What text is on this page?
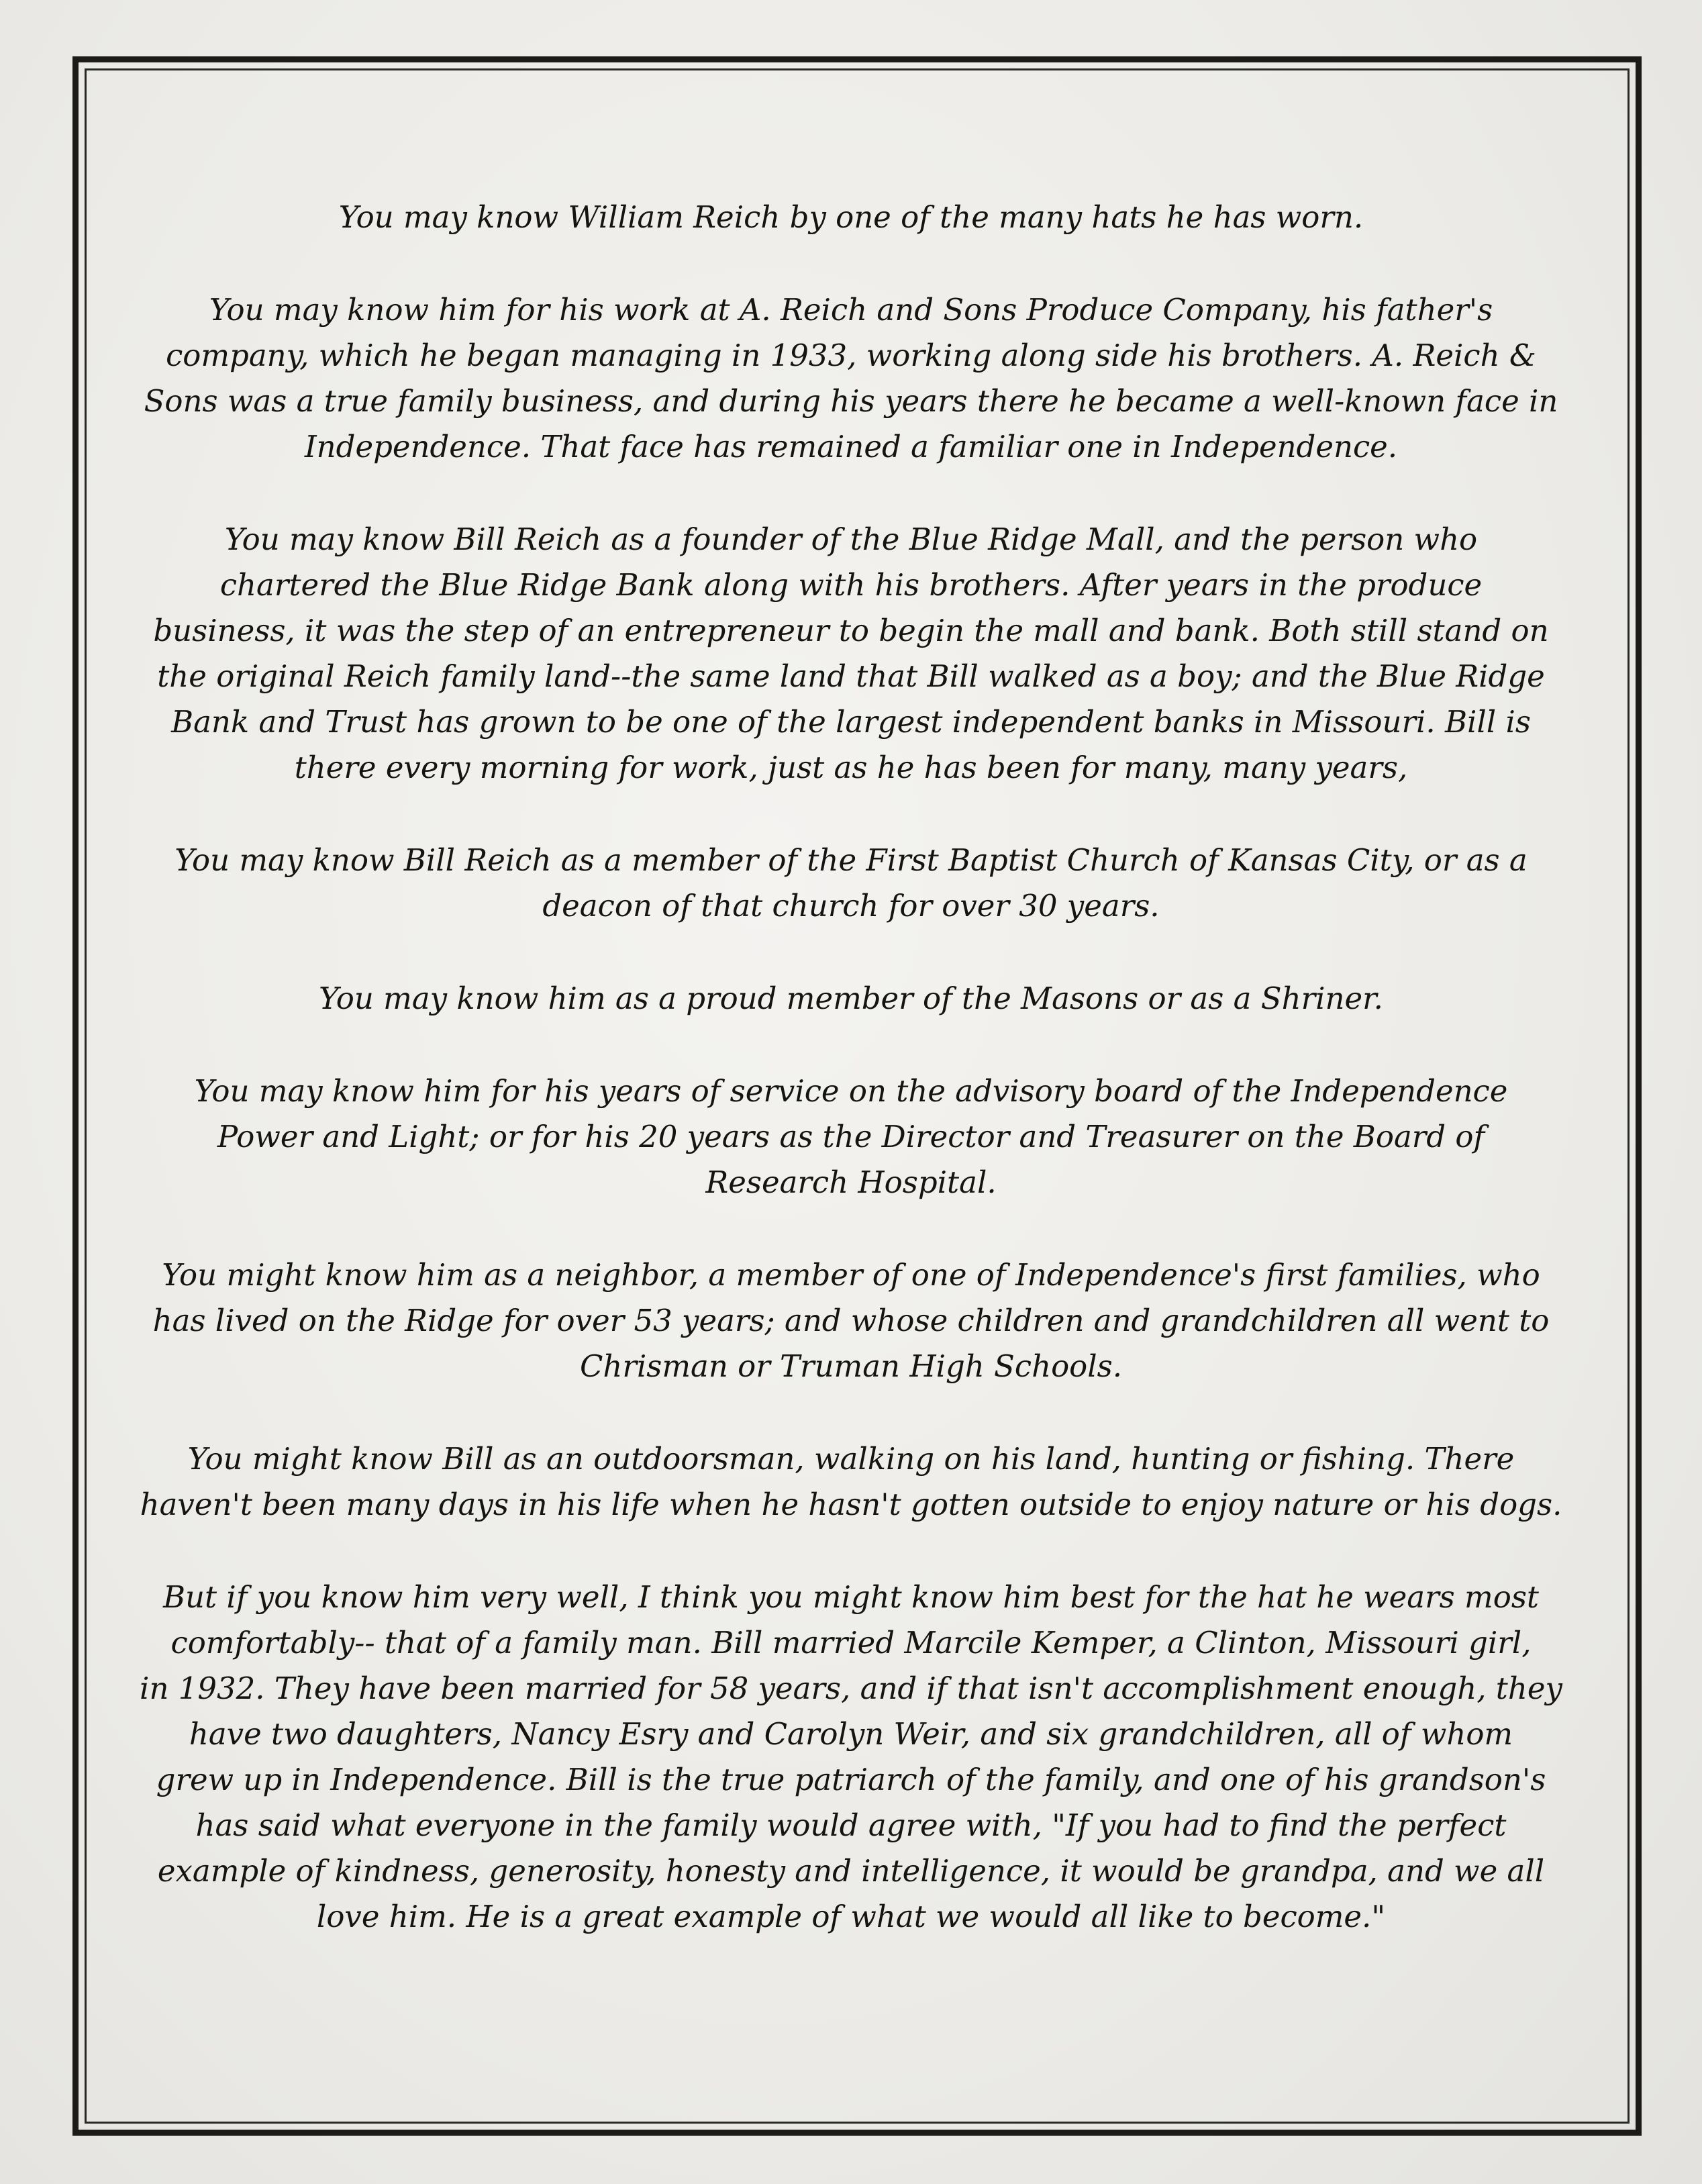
You may know William Reich by one of the many hats he has worn.

You may know him for his work at A. Reich and Sons Produce Company, his father's
company, which he began managing in 1933, working along side his brothers. A. Reich &
Sons was a true family business, and during his years there he became a well-known face in
Independence. That face has remained a familiar one in Independence.

You may know Bill Reich as a founder of the Blue Ridge Mall, and the person who
chartered the Blue Ridge Bank along with his brothers. After years in the produce
business, it was the step of an entrepreneur to begin the mall and bank. Both still stand on
the original Reich family land--the same land that Bill walked as a boy; and the Blue Ridge
Bank and Trust has grown to be one of the largest independent banks in Missouri. Bill is
there every morning for work, just as he has been for many, many years,

You may know Bill Reich as a member of the First Baptist Church of Kansas City, or as a
deacon of that church for over 30 years.

You may know him as a proud member of the Masons or as a Shriner.

You may know him for his years of service on the advisory board of the Independence
Power and Light; or for his 20 years as the Director and Treasurer on the Board of
Research Hospital.

You might know him as a neighbor, a member of one of Independence's first families, who
has lived on the Ridge for over 53 years; and whose children and grandchildren all went to
Chrisman or Truman High Schools.

You might know Bill as an outdoorsman, walking on his land, hunting or fishing. There
haven't been many days in his life when he hasn't gotten outside to enjoy nature or his dogs.

But if you know him very well, I think you might know him best for the hat he wears most
comfortably-- that of a family man. Bill married Marcile Kemper, a Clinton, Missouri girl,
in 1932. They have been married for 58 years, and if that isn't accomplishment enough, they
have two daughters, Nancy Esry and Carolyn Weir, and six grandchildren, all of whom
grew up in Independence. Bill is the true patriarch of the family, and one of his grandson's
has said what everyone in the family would agree with, "If you had to find the perfect
example of kindness, generosity, honesty and intelligence, it would be grandpa, and we all
love him. He is a great example of what we would all like to become."
